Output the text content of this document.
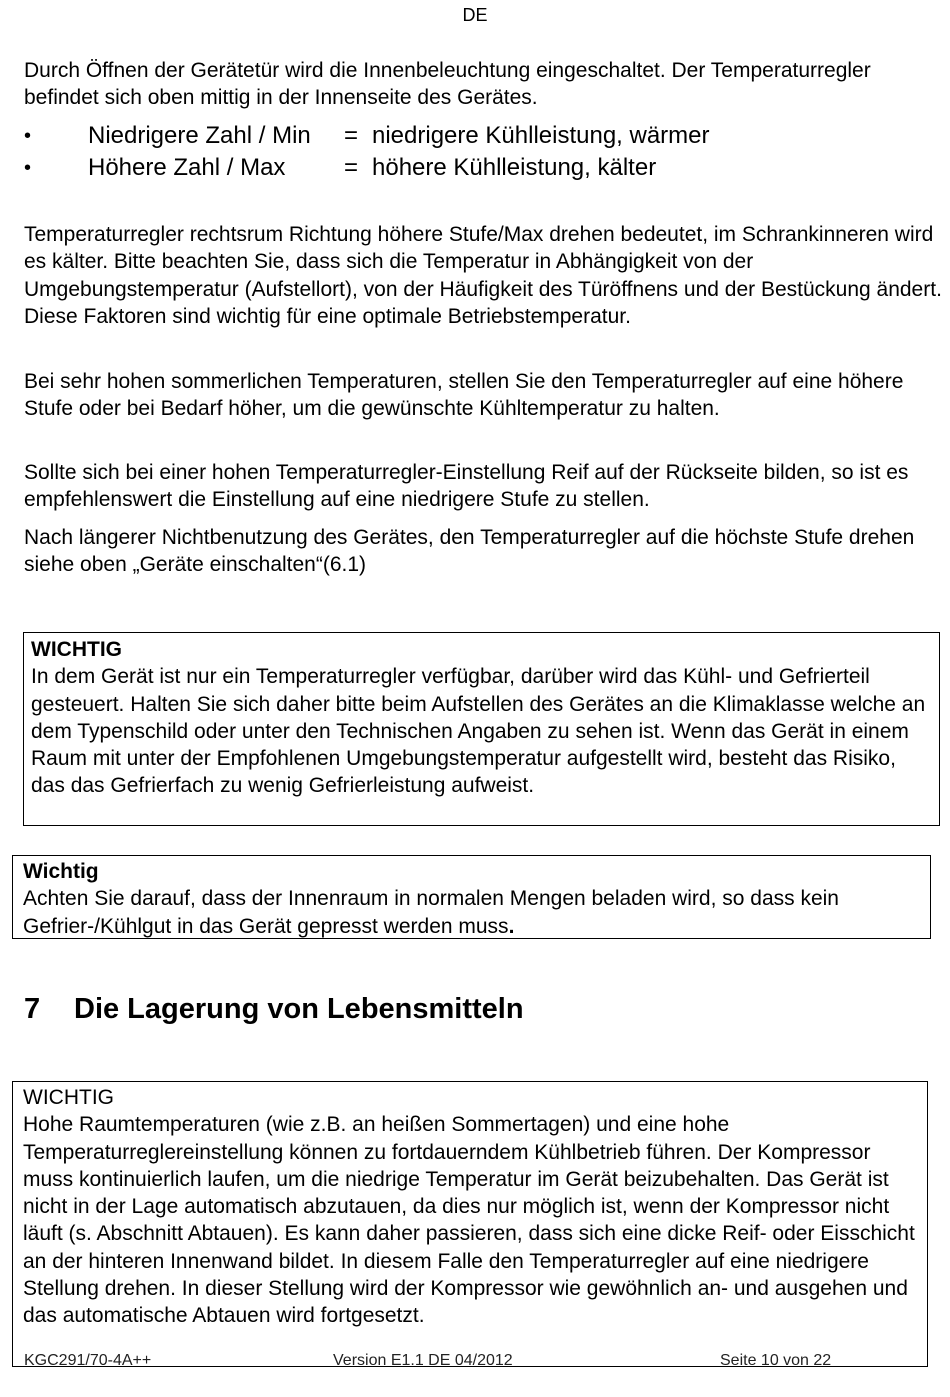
DE
Durch Öffnen der Gerätetür wird die Innenbeleuchtung eingeschaltet. Der Temperaturregler befindet sich oben mittig in der Innenseite des Gerätes.
• Niedrigere Zahl / Min = niedrigere Kühlleistung, wärmer
• Höhere Zahl / Max = höhere Kühlleistung, kälter
Temperaturregler rechtsrum Richtung höhere Stufe/Max drehen bedeutet, im Schrankinneren wird es kälter. Bitte beachten Sie, dass sich die Temperatur in Abhängigkeit von der Umgebungstemperatur (Aufstellort), von der Häufigkeit des Türöffnens und der Bestückung ändert. Diese Faktoren sind wichtig für eine optimale Betriebstemperatur.
Bei sehr hohen sommerlichen Temperaturen, stellen Sie den Temperaturregler auf eine höhere Stufe oder bei Bedarf höher, um die gewünschte Kühltemperatur zu halten.
Sollte sich bei einer hohen Temperaturregler-Einstellung Reif auf der Rückseite bilden, so ist es empfehlenswert die Einstellung auf eine niedrigere Stufe zu stellen.
Nach längerer Nichtbenutzung des Gerätes, den Temperaturregler auf die höchste Stufe drehen siehe oben „Geräte einschalten“(6.1)
WICHTIG
In dem Gerät ist nur ein Temperaturregler verfügbar, darüber wird das Kühl- und Gefrierteil gesteuert. Halten Sie sich daher bitte beim Aufstellen des Gerätes an die Klimaklasse welche an dem Typenschild oder unter den Technischen Angaben zu sehen ist. Wenn das Gerät in einem Raum mit unter der Empfohlenen Umgebungstemperatur aufgestellt wird, besteht das Risiko, das das Gefrierfach zu wenig Gefrierleistung aufweist.
Wichtig
Achten Sie darauf, dass der Innenraum in normalen Mengen beladen wird, so dass kein Gefrier-/Kühlgut in das Gerät gepresst werden muss.
7 Die Lagerung von Lebensmitteln
WICHTIG
Hohe Raumtemperaturen (wie z.B. an heißen Sommertagen) und eine hohe Temperaturreglereinstellung können zu fortdauerndem Kühlbetrieb führen. Der Kompressor muss kontinuierlich laufen, um die niedrige Temperatur im Gerät beizubehalten. Das Gerät ist nicht in der Lage automatisch abzutauen, da dies nur möglich ist, wenn der Kompressor nicht läuft (s. Abschnitt Abtauen). Es kann daher passieren, dass sich eine dicke Reif- oder Eisschicht an der hinteren Innenwand bildet. In diesem Falle den Temperaturregler auf eine niedrigere Stellung drehen. In dieser Stellung wird der Kompressor wie gewöhnlich an- und ausgehen und das automatische Abtauen wird fortgesetzt.
KGC291/70-4A++	Version E1.1 DE 04/2012	Seite 10 von 22
